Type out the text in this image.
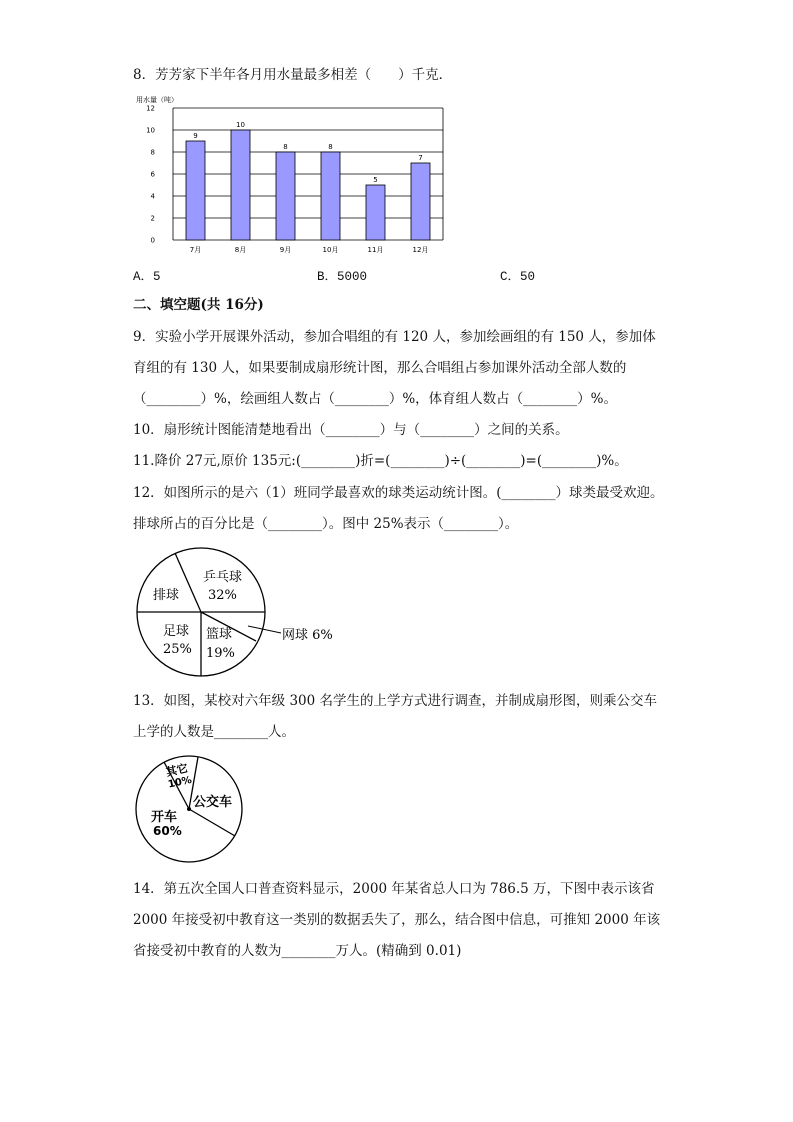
8．芳芳家下半年各月用水量最多相差（　　）千克．
用水量（吨）
0
2
4
6
8
10
12
9
10
8	8
5
7
7月	8月	9月	10月	11月	12月
A．5	B．5000	C．50
二、填空题(共 16分)
9．实验小学开展课外活动，参加合唱组的有 120 人，参加绘画组的有 150 人，参加体
育组的有 130 人，如果要制成扇形统计图，那么合唱组占参加课外活动全部人数的
（________）%，绘画组人数占（________）%，体育组人数占（________）%。
10．扇形统计图能清楚地看出（________）与（________）之间的关系。
11.降价 27元,原价 135元:(________)折=(________)÷(________)=(________)%。
12．如图所示的是六（1）班同学最喜欢的球类运动统计图。(________）球类最受欢迎。
排球所占的百分比是（________）。图中 25%表示（________）。
乒乓球
32%
排球
足球
25%
篮球
19%
网球 6%
13．如图，某校对六年级 300 名学生的上学方式进行调查，并制成扇形图，则乘公交车
上学的人数是________人。
其它
10%
公交车
开车
60%
14．第五次全国人口普查资料显示，2000 年某省总人口为 786.5 万，下图中表示该省
2000 年接受初中教育这一类别的数据丢失了，那么，结合图中信息，可推知 2000 年该
省接受初中教育的人数为________万人。(精确到 0.01)
